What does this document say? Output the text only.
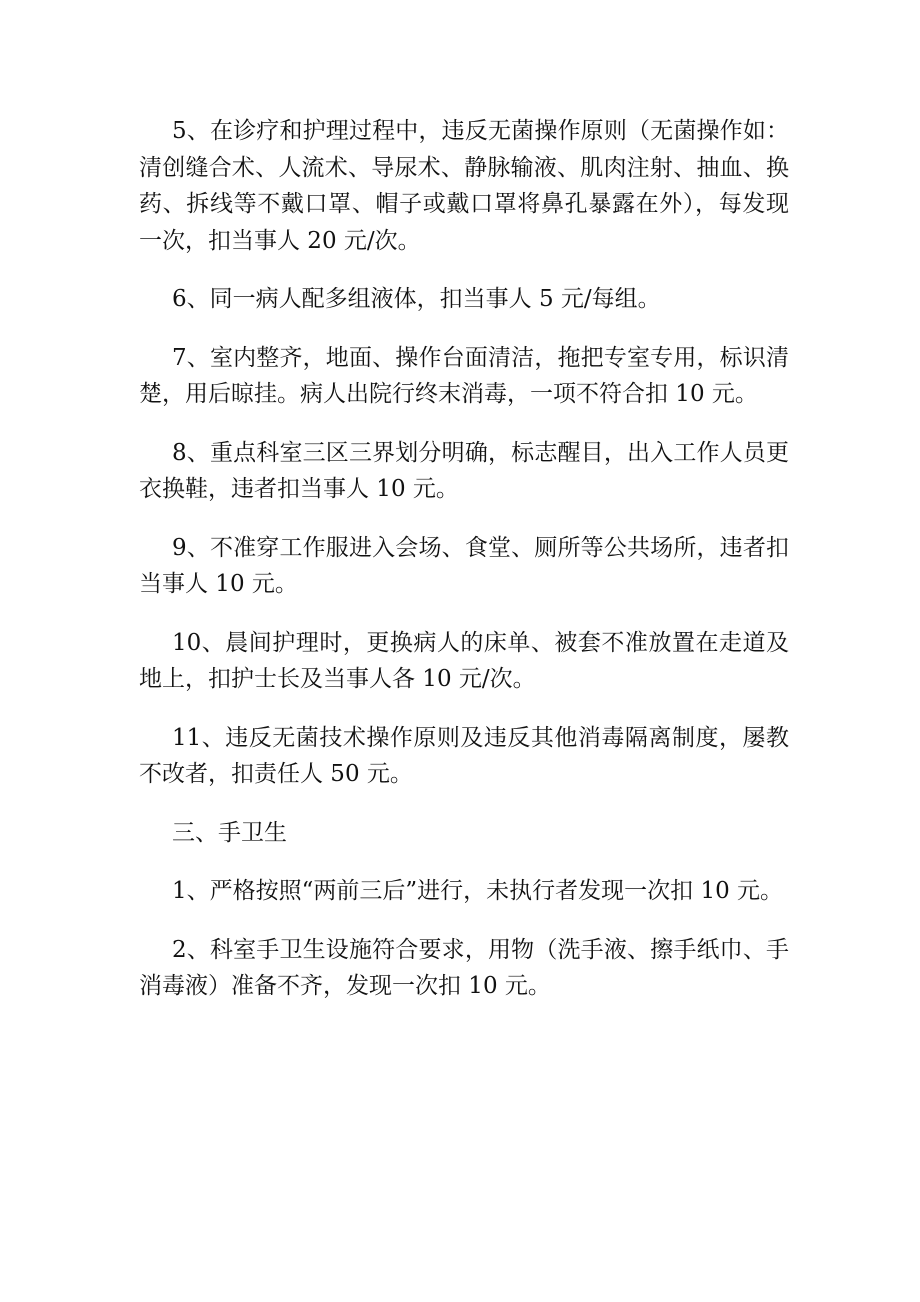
5、在诊疗和护理过程中，违反无菌操作原则（无菌操作如：清创缝合术、人流术、导尿术、静脉输液、肌肉注射、抽血、换药、拆线等不戴口罩、帽子或戴口罩将鼻孔暴露在外），每发现一次，扣当事人 20 元/次。

6、同一病人配多组液体，扣当事人 5 元/每组。

7、室内整齐，地面、操作台面清洁，拖把专室专用，标识清楚，用后晾挂。病人出院行终末消毒，一项不符合扣 10 元。

8、重点科室三区三界划分明确，标志醒目，出入工作人员更衣换鞋，违者扣当事人 10 元。

9、不准穿工作服进入会场、食堂、厕所等公共场所，违者扣当事人 10 元。

10、晨间护理时，更换病人的床单、被套不准放置在走道及地上，扣护士长及当事人各 10 元/次。

11、违反无菌技术操作原则及违反其他消毒隔离制度，屡教不改者，扣责任人 50 元。

三、手卫生

1、严格按照“两前三后”进行，未执行者发现一次扣 10 元。

2、科室手卫生设施符合要求，用物（洗手液、擦手纸巾、手消毒液）准备不齐，发现一次扣 10 元。
